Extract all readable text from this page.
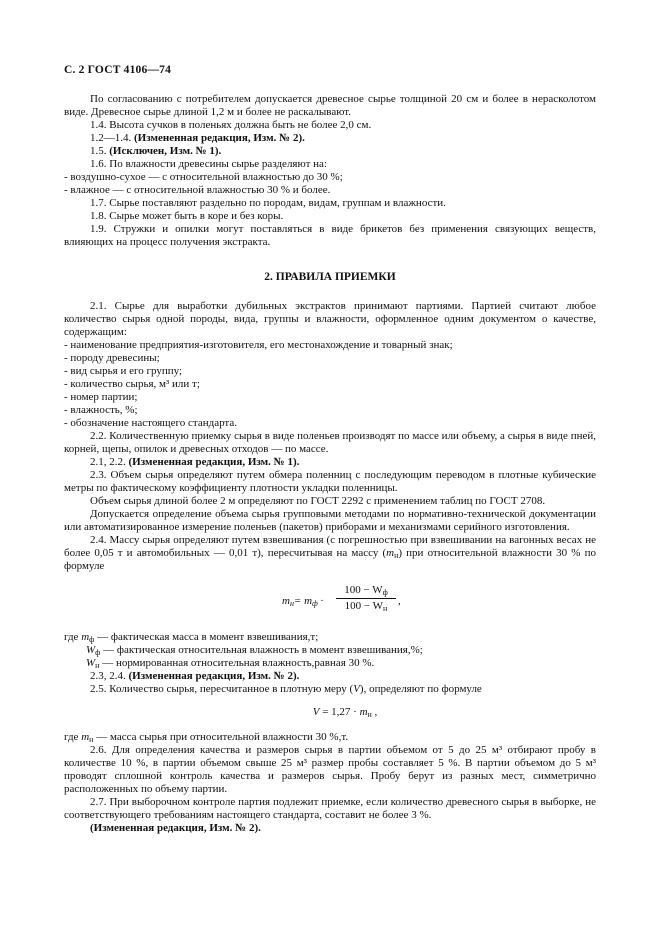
С. 2 ГОСТ 4106—74

По согласованию с потребителем допускается древесное сырье толщиной 20 см и более в нерасколотом виде. Древесное сырье длиной 1,2 м и более не раскалывают.

1.4. Высота сучков в поленьях должна быть не более 2,0 см.

1.2—1.4. (Измененная редакция, Изм. № 2).

1.5. (Исключен, Изм. № 1).

1.6. По влажности древесины сырье разделяют на:

- воздушно-сухое — с относительной влажностью до 30 %;

- влажное — с относительной влажностью 30 % и более.

1.7. Сырье поставляют раздельно по породам, видам, группам и влажности.

1.8. Сырье может быть в коре и без коры.

1.9. Стружки и опилки могут поставляться в виде брикетов без применения связующих веществ, влияющих на процесс получения экстракта.

2. ПРАВИЛА ПРИЕМКИ

2.1. Сырье для выработки дубильных экстрактов принимают партиями. Партией считают любое количество сырья одной породы, вида, группы и влажности, оформленное одним документом о качестве, содержащим:

- наименование предприятия-изготовителя, его местонахождение и товарный знак;

- породу древесины;

- вид сырья и его группу;

- количество сырья, м³ или т;

- номер партии;

- влажность, %;

- обозначение настоящего стандарта.

2.2. Количественную приемку сырья в виде поленьев производят по массе или объему, а сырья в виде пней, корней, щепы, опилок и древесных отходов — по массе.

2.1, 2.2. (Измененная редакция, Изм. № 1).

2.3. Объем сырья определяют путем обмера поленниц с последующим переводом в плотные кубические метры по фактическому коэффициенту плотности укладки поленницы.

Объем сырья длиной более 2 м определяют по ГОСТ 2292 с применением таблиц по ГОСТ 2708.

Допускается определение объема сырья групповыми методами по нормативно-технической документации или автоматизированное измерение поленьев (пакетов) приборами и механизмами серийного изготовления.

2.4. Массу сырья определяют путем взвешивания (с погрешностью при взвешивании на вагонных весах не более 0,05 т и автомобильных — 0,01 т), пересчитывая на массу $(m_н)$ при относительной влажности 30 % по формуле

$m_н= m_ф$ ·
$100 - W_ф$
$100 - W_н$
,

где $m_ф$ — фактическая масса в момент взвешивания,т;

$W_ф$ — фактическая относительная влажность в момент взвешивания,%;

$W_н$ — нормированная относительная влажность,равная 30 %.

2.3, 2.4. (Измененная редакция, Изм. № 2).

2.5. Количество сырья, пересчитанное в плотную меру (V), определяют по формуле

$V = 1,27 \cdot m_н$ ,

где $m_н$ — масса сырья при относительной влажности 30 %,т.

2.6. Для определения качества и размеров сырья в партии объемом от 5 до 25 м³ отбирают пробу в количестве 10 %, в партии объемом свыше 25 м³ размер пробы составляет 5 %. В партии объемом до 5 м³ проводят сплошной контроль качества и размеров сырья. Пробу берут из разных мест, симметрично расположенных по объему партии.

2.7. При выборочном контроле партия подлежит приемке, если количество древесного сырья в выборке, не соответствующего требованиям настоящего стандарта, составит не более 3 %.

(Измененная редакция, Изм. № 2).
